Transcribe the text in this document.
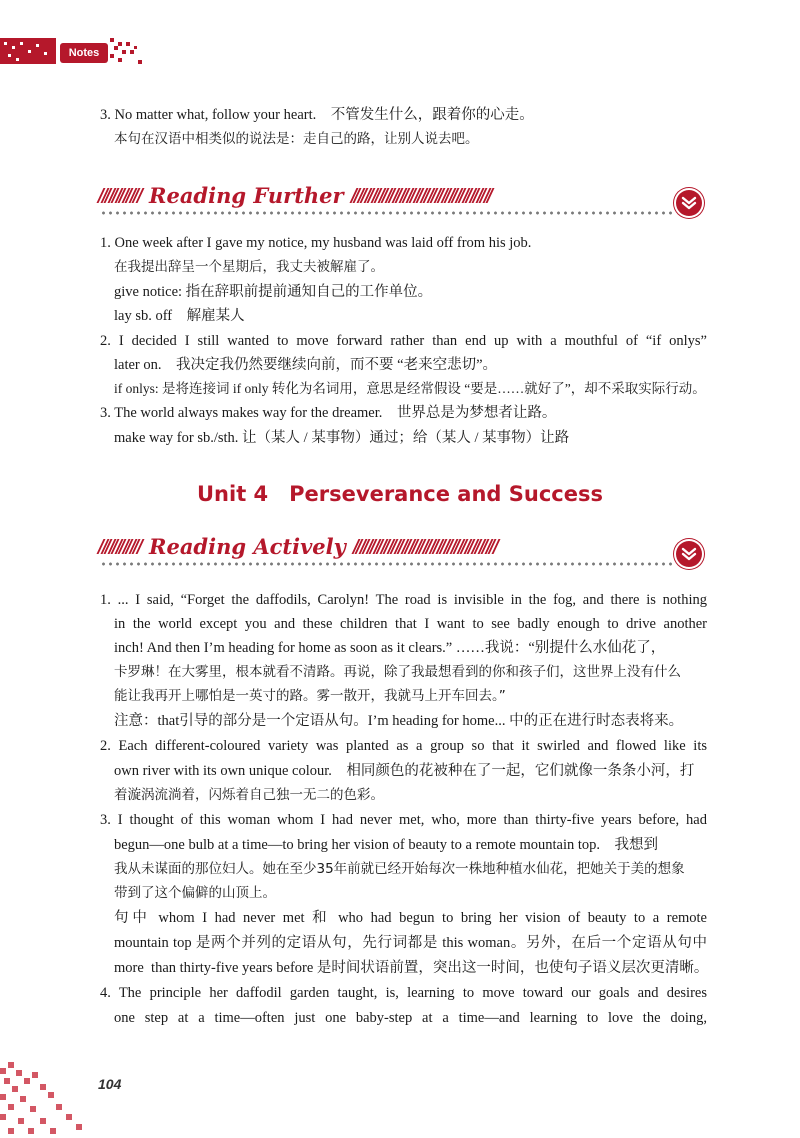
Notes
3. No matter what, follow your heart.　不管发生什么，跟着你的心走。
本句在汉语中相类似的说法是：走自己的路，让别人说去吧。
Reading Further
1. One week after I gave my notice, my husband was laid off from his job.
在我提出辞呈一个星期后，我丈夫被解雇了。
give notice: 指在辞职前提前通知自己的工作单位。
lay sb. off　解雇某人
2. I decided I still wanted to move forward rather than end up with a mouthful of “if onlys”
later on.　我决定我仍然要继续向前，而不要 “老来空悲切”。
if onlys: 是将连接词 if only 转化为名词用，意思是经常假设 “要是……就好了”，却不采取实际行动。
3. The world always makes way for the dreamer.　世界总是为梦想者让路。
make way for sb./sth. 让（某人 / 某事物）通过；给（某人 / 某事物）让路
Unit 4　Perseverance and Success
Reading Actively
1. ... I said, “Forget the daffodils, Carolyn! The road is invisible in the fog, and there is nothing
in the world except you and these children that I want to see badly enough to drive another
inch! And then I’m heading for home as soon as it clears.” ……我说：“别提什么水仙花了，
卡罗琳！在大雾里，根本就看不清路。再说，除了我最想看到的你和孩子们，这世界上没有什么
能让我再开上哪怕是一英寸的路。雾一散开，我就马上开车回去。”
注意：that引导的部分是一个定语从句。I’m heading for home... 中的正在进行时态表将来。
2. Each different-coloured variety was planted as a group so that it swirled and flowed like its
own river with its own unique colour.　相同颜色的花被种在了一起，它们就像一条条小河，打
着漩涡流淌着，闪烁着自己独一无二的色彩。
3. I thought of this woman whom I had never met, who, more than thirty-five years before, had
begun—one bulb at a time—to bring her vision of beauty to a remote mountain top.　我想到
我从未谋面的那位妇人。她在至少35年前就已经开始每次一株地种植水仙花，把她关于美的想象
带到了这个偏僻的山顶上。
句中 whom I had never met 和 who had begun to bring her vision of beauty to a remote
mountain top 是两个并列的定语从句，先行词都是 this woman。另外，在后一个定语从句中
more  than thirty-five years before 是时间状语前置，突出这一时间，也使句子语义层次更清晰。
4. The principle her daffodil garden taught, is, learning to move toward our goals and desires
one step at a time—often just one baby-step at a time—and learning to love the doing,
104
